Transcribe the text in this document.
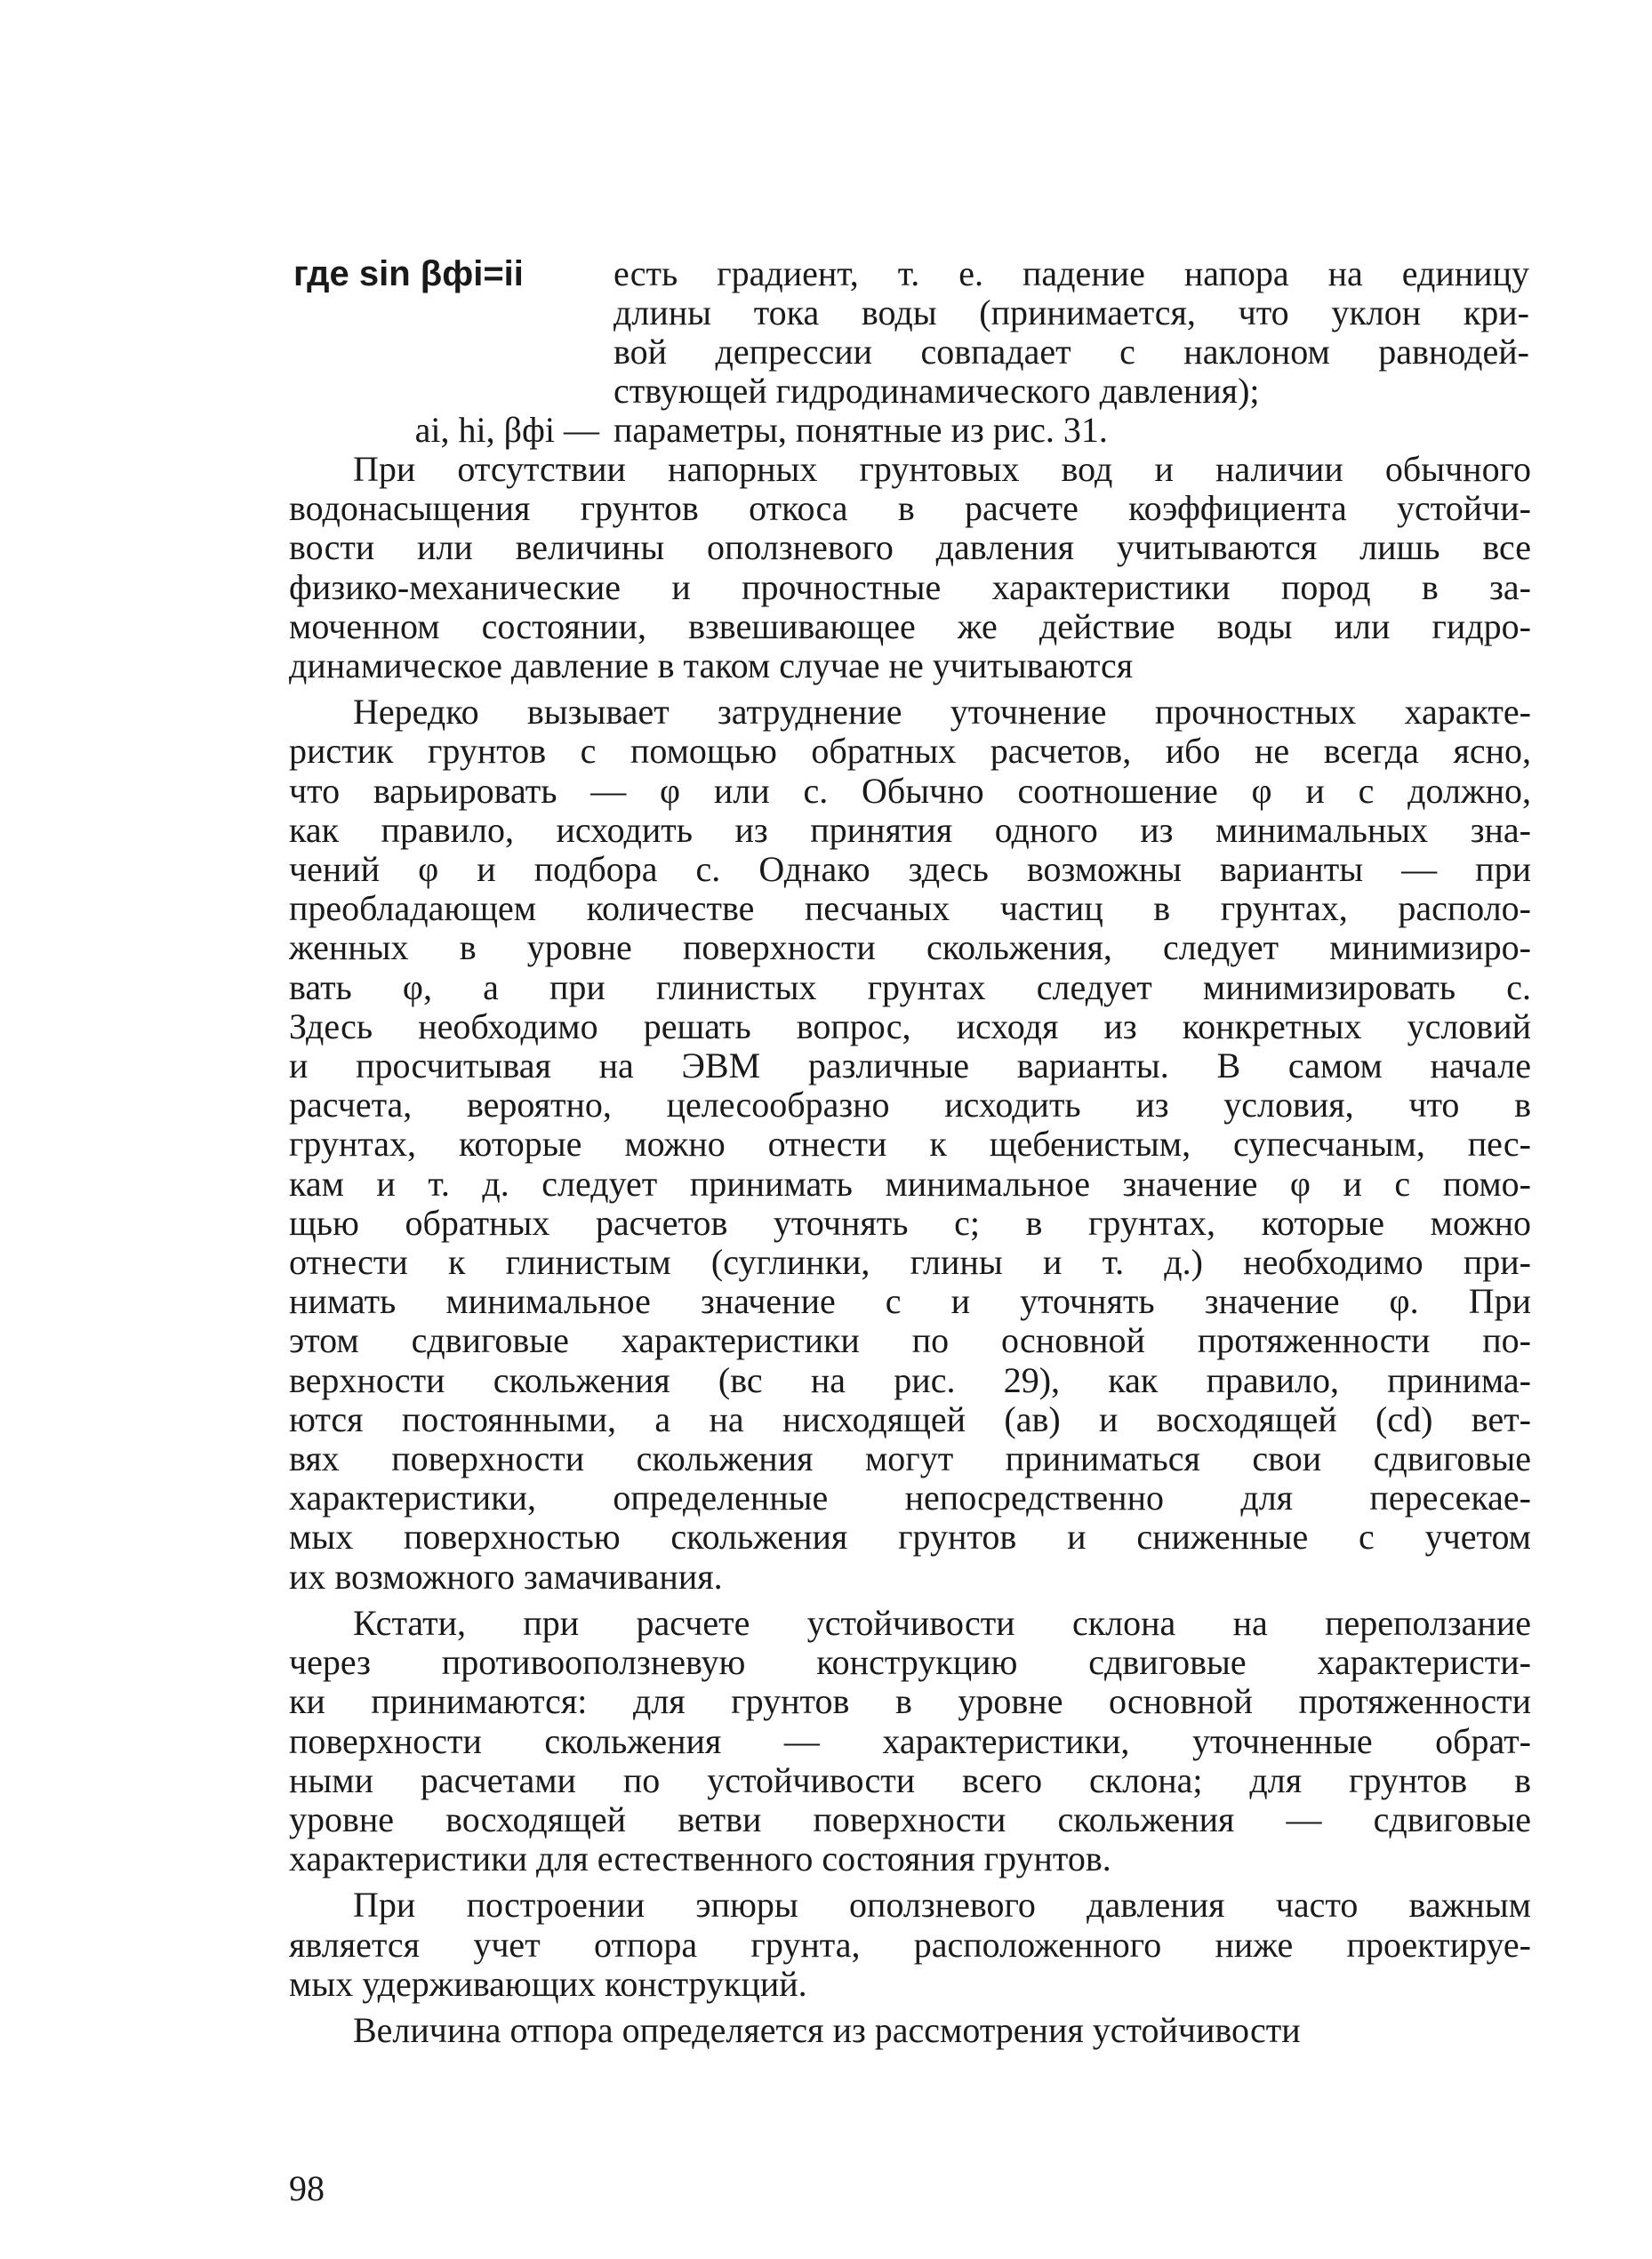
где sin βфi=ii	есть градиент, т. е. падение напора на единицу
длины тока воды (принимается, что уклон кри-
вой депрессии совпадает с наклоном равнодей-
ствующей гидродинамического давления);
ai, hi, βфi — параметры, понятные из рис. 31.
При отсутствии напорных грунтовых вод и наличии обычного
водонасыщения грунтов откоса в расчете коэффициента устойчи-
вости или величины оползневого давления учитываются лишь все
физико-механические и прочностные характеристики пород в за-
моченном состоянии, взвешивающее же действие воды или гидро-
динамическое давление в таком случае не учитываются
Нередко вызывает затруднение уточнение прочностных характе-
ристик грунтов с помощью обратных расчетов, ибо не всегда ясно,
что варьировать — φ или с. Обычно соотношение φ и с должно,
как правило, исходить из принятия одного из минимальных зна-
чений φ и подбора с. Однако здесь возможны варианты — при
преобладающем количестве песчаных частиц в грунтах, располо-
женных в уровне поверхности скольжения, следует минимизиро-
вать φ, а при глинистых грунтах следует минимизировать с.
Здесь необходимо решать вопрос, исходя из конкретных условий
и просчитывая на ЭВМ различные варианты. В самом начале
расчета, вероятно, целесообразно исходить из условия, что в
грунтах, которые можно отнести к щебенистым, супесчаным, пес-
кам и т. д. следует принимать минимальное значение φ и с помо-
щью обратных расчетов уточнять с; в грунтах, которые можно
отнести к глинистым (суглинки, глины и т. д.) необходимо при-
нимать минимальное значение с и уточнять значение φ. При
этом сдвиговые характеристики по основной протяженности по-
верхности скольжения (вс на рис. 29), как правило, принима-
ются постоянными, а на нисходящей (ав) и восходящей (cd) вет-
вях поверхности скольжения могут приниматься свои сдвиговые
характеристики, определенные непосредственно для пересекае-
мых поверхностью скольжения грунтов и сниженные с учетом
их возможного замачивания.
Кстати, при расчете устойчивости склона на переползание
через противооползневую конструкцию сдвиговые характеристи-
ки принимаются: для грунтов в уровне основной протяженности
поверхности скольжения — характеристики, уточненные обрат-
ными расчетами по устойчивости всего склона; для грунтов в
уровне восходящей ветви поверхности скольжения — сдвиговые
характеристики для естественного состояния грунтов.
При построении эпюры оползневого давления часто важным
является учет отпора грунта, расположенного ниже проектируе-
мых удерживающих конструкций.
Величина отпора определяется из рассмотрения устойчивости
98
